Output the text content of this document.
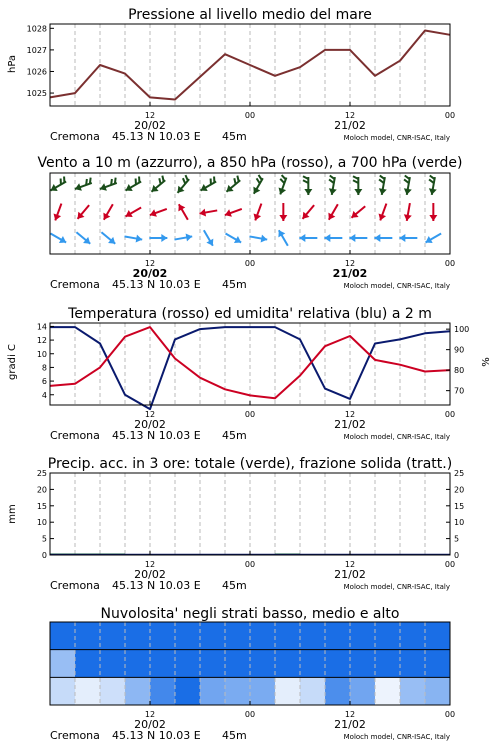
Pressione al livello medio del mare
hPa
1025
1026
1027
1028
12	00	12	00
20/02	21/02
Cremona 45.13 N 10.03 E 45m	Moloch model, CNR-ISAC, Italy
Vento a 10 m (azzurro), a 850 hPa (rosso), a 700 hPa (verde)
12	00	12	00
20/02	21/02
Cremona 45.13 N 10.03 E 45m	Moloch model, CNR-ISAC, Italy
Temperatura (rosso) ed umidita' relativa (blu) a 2 m
gradi C	%
4
6
8
10
12
14
70
80
90
100
12	00	12	00
20/02	21/02
Cremona 45.13 N 10.03 E 45m	Moloch model, CNR-ISAC, Italy
Precip. acc. in 3 ore: totale (verde), frazione solida (tratt.)
mm
0
5
10
15
20
25
0
5
10
15
20
25
12	00	12	00
20/02	21/02
Cremona 45.13 N 10.03 E 45m	Moloch model, CNR-ISAC, Italy
Nuvolosita' negli strati basso, medio e alto
12	00	12	00
20/02	21/02
Cremona 45.13 N 10.03 E 45m	Moloch model, CNR-ISAC, Italy
